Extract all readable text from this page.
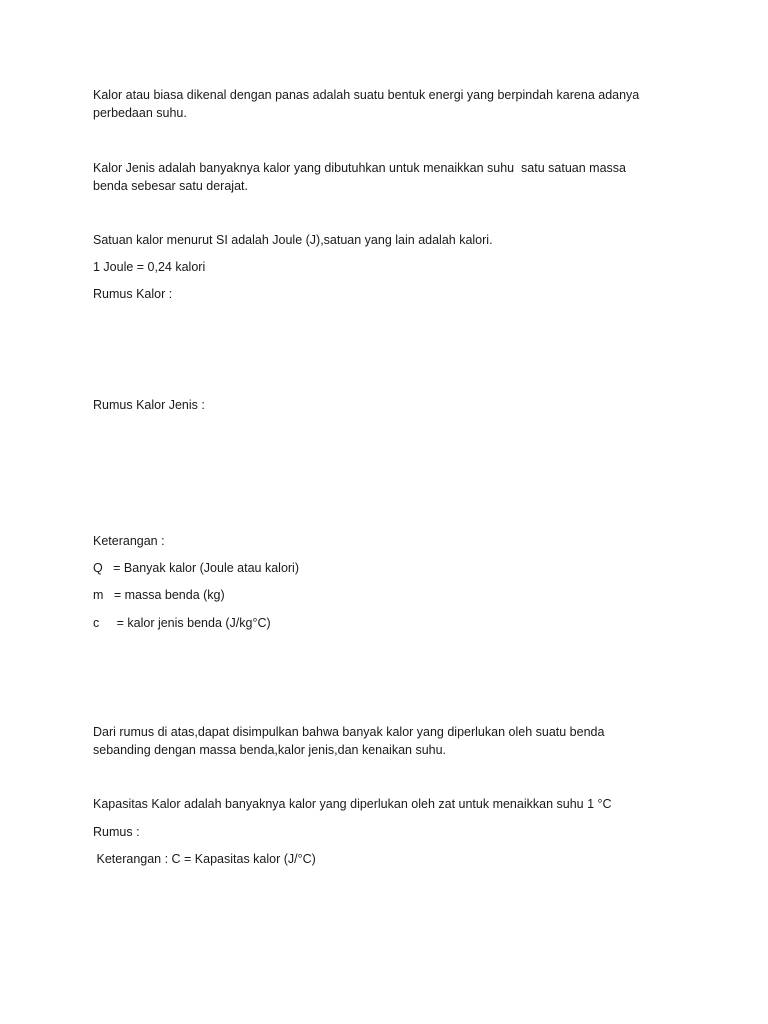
Kalor atau biasa dikenal dengan panas adalah suatu bentuk energi yang berpindah karena adanya
perbedaan suhu.

Kalor Jenis adalah banyaknya kalor yang dibutuhkan untuk menaikkan suhu  satu satuan massa
benda sebesar satu derajat.

Satuan kalor menurut SI adalah Joule (J),satuan yang lain adalah kalori.

1 Joule = 0,24 kalori

Rumus Kalor :

Rumus Kalor Jenis :

Keterangan :

Q   = Banyak kalor (Joule atau kalori)

m   = massa benda (kg)

c     = kalor jenis benda (J/kg°C)

Dari rumus di atas,dapat disimpulkan bahwa banyak kalor yang diperlukan oleh suatu benda
sebanding dengan massa benda,kalor jenis,dan kenaikan suhu.

Kapasitas Kalor adalah banyaknya kalor yang diperlukan oleh zat untuk menaikkan suhu 1 °C

Rumus :

Keterangan : C = Kapasitas kalor (J/°C)
